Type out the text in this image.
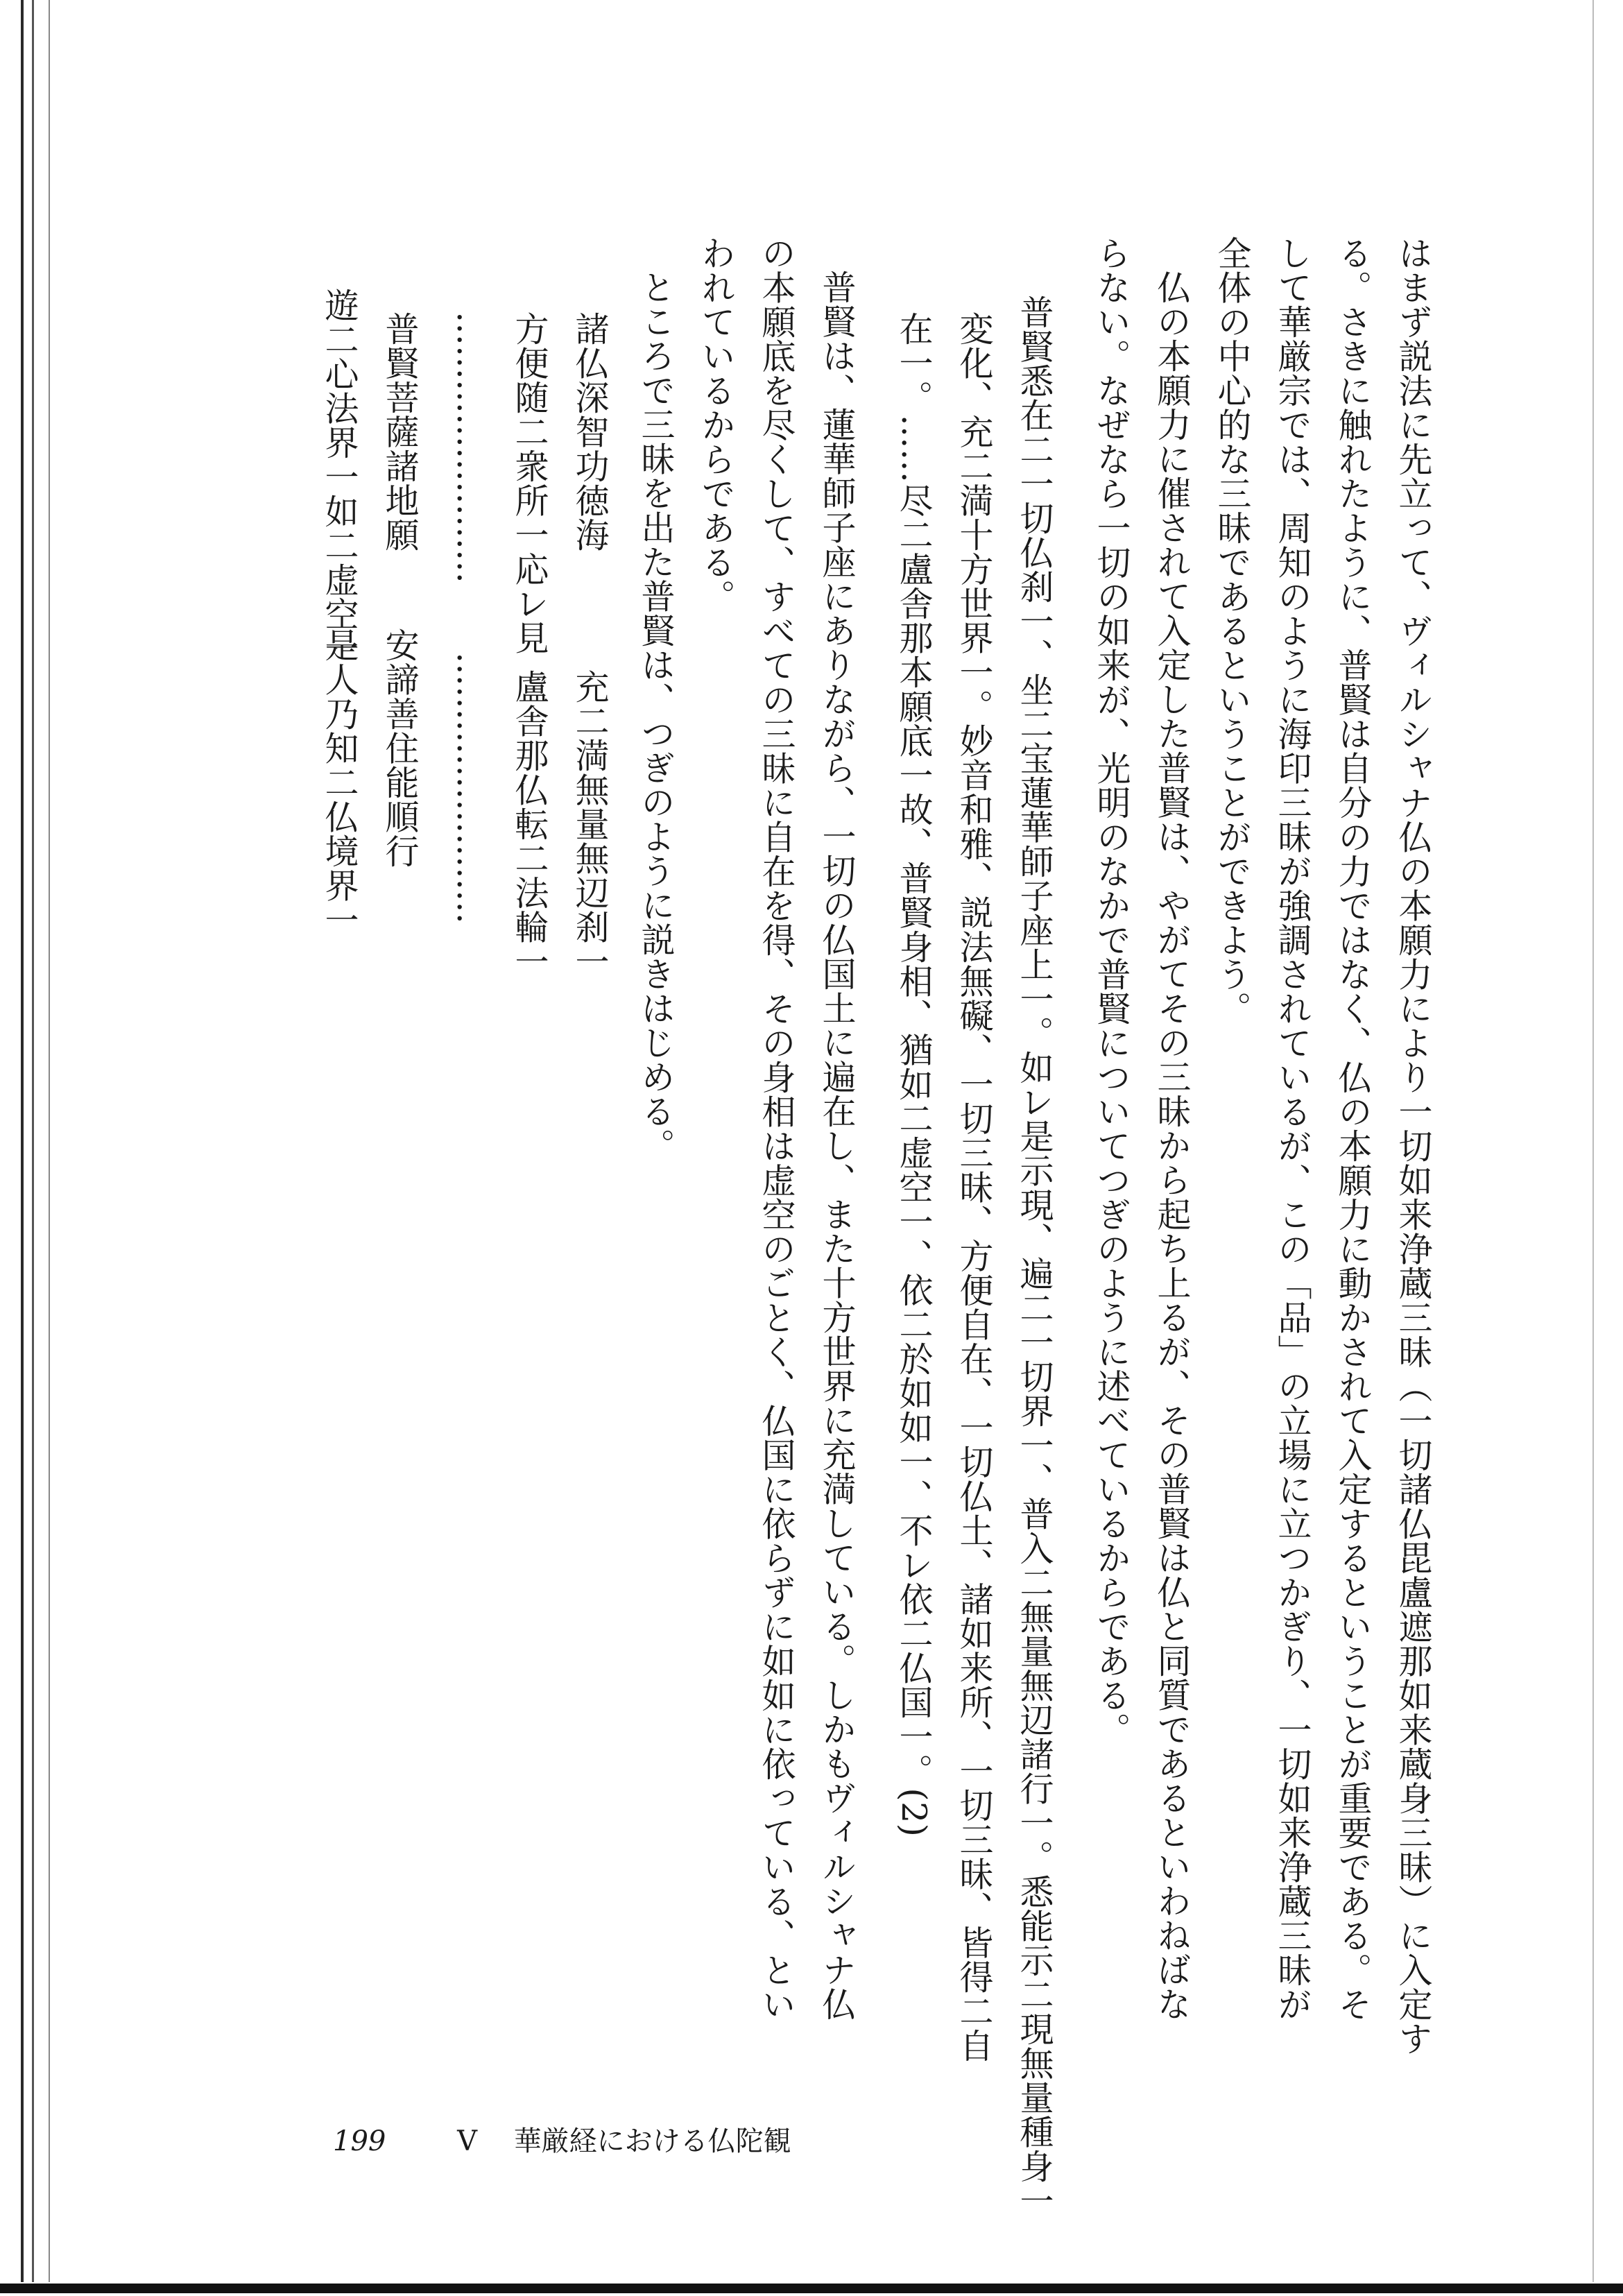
はまず説法に先立って、ヴィルシャナ仏の本願力により一切如来浄蔵三昧（一切諸仏毘盧遮那如来蔵身三昧）に入定す
る。さきに触れたように、普賢は自分の力ではなく、仏の本願力に動かされて入定するということが重要である。そ
して華厳宗では、周知のように海印三昧が強調されているが、この「品」の立場に立つかぎり、一切如来浄蔵三昧が
全体の中心的な三昧であるということができよう。
仏の本願力に催されて入定した普賢は、やがてその三昧から起ち上るが、その普賢は仏と同質であるといわねばな
らない。なぜなら一切の如来が、光明のなかで普賢についてつぎのように述べているからである。
普賢悉在二一切仏刹一、坐二宝蓮華師子座上一。如レ是示現、遍二一切界一、普入二無量無辺諸行一。悉能示二現無量種身一
変化、充二満十方世界一。妙音和雅、説法無礙、一切三昧、方便自在、一切仏土、諸如来所、一切三昧、皆得二自
在一。……尽二盧舎那本願底一故、普賢身相、猶如二虚空一、依二於如如一、不レ依二仏国一。(2)
普賢は、蓮華師子座にありながら、一切の仏国土に遍在し、また十方世界に充満している。しかもヴィルシャナ仏
の本願底を尽くして、すべての三昧に自在を得、その身相は虚空のごとく、仏国に依らずに如如に依っている、とい
われているからである。
ところで三昧を出た普賢は、つぎのように説きはじめる。
諸仏深智功徳海
充二満無量無辺刹一
方便随二衆所一応レ見
盧舎那仏転二法輪一
……………………
……………………
普賢菩薩諸地願
安諦善住能順行
遊二心法界一如二虚空一
是人乃知二仏境界一
199	V 華厳経における仏陀観
